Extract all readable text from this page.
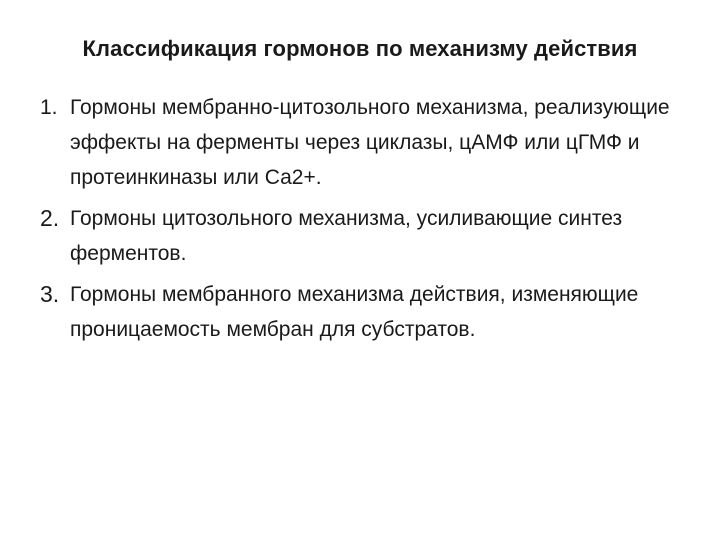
Классификация гормонов по механизму действия
1. Гормоны мембранно-цитозольного механизма, реализующие эффекты на ферменты через циклазы, цАМФ или цГМФ и протеинкиназы или Са2+.
2. Гормоны цитозольного механизма, усиливающие синтез ферментов.
3. Гормоны мембранного механизма действия, изменяющие проницаемость мембран для субстратов.
